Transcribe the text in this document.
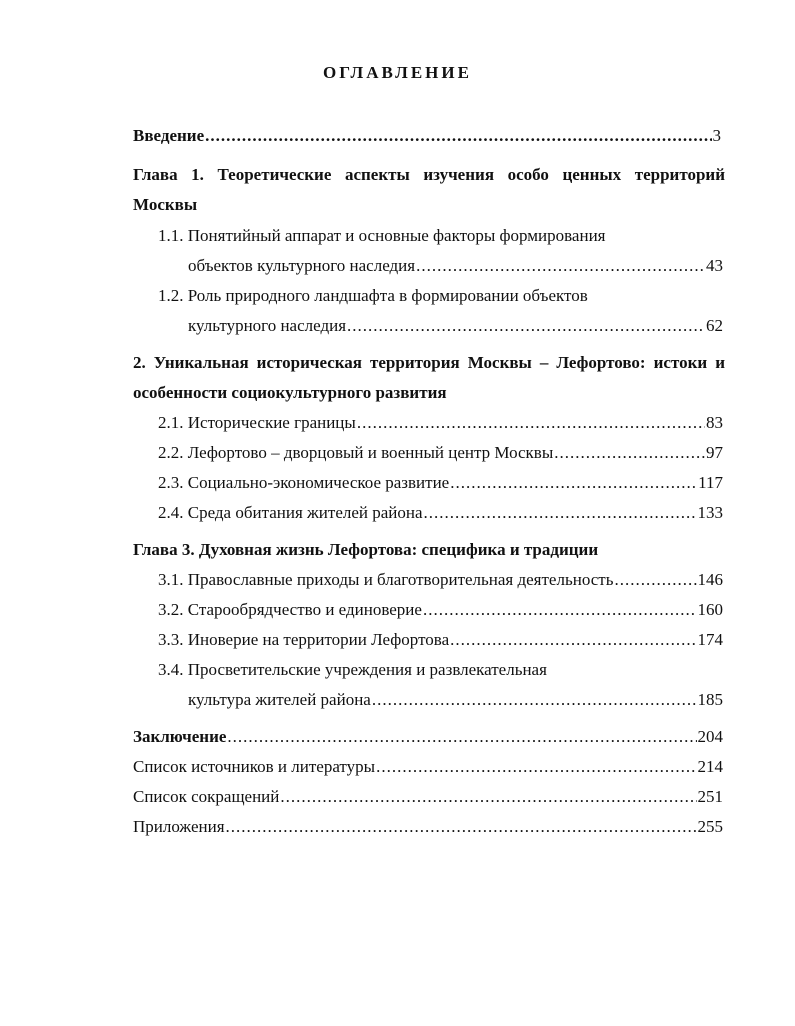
ОГЛАВЛЕНИЕ
Введение .....	3
Глава 1. Теоретические аспекты изучения особо ценных территорий
Москвы
1.1. Понятийный аппарат и основные факторы формирования
объектов культурного наследия .....	43
1.2. Роль природного ландшафта в формировании объектов
культурного наследия .....	62
2. Уникальная историческая территория Москвы – Лефортово: истоки и
особенности социокультурного развития
2.1. Исторические границы .....	83
2.2. Лефортово – дворцовый и военный центр Москвы .....	97
2.3. Социально-экономическое развитие .....	117
2.4. Среда обитания жителей района .....	133
Глава 3. Духовная жизнь Лефортова: специфика и традиции
3.1. Православные приходы и благотворительная деятельность .....	146
3.2. Старообрядчество и единоверие .....	160
3.3. Иноверие на территории Лефортова .....	174
3.4. Просветительские учреждения и развлекательная
культура жителей района .....	185
Заключение .....	204
Список источников и литературы .....	214
Список сокращений .....	251
Приложения .....	255
